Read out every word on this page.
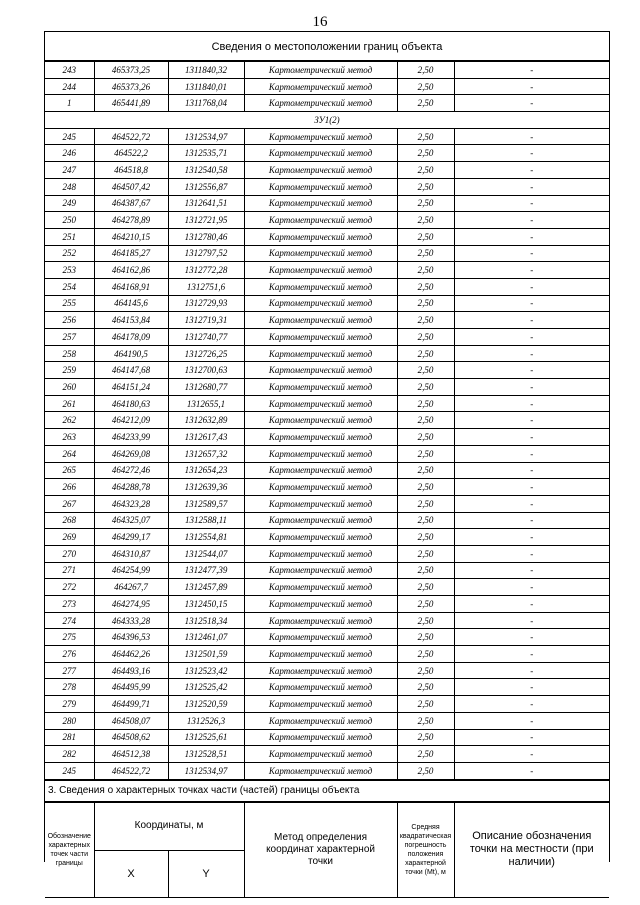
16
Сведения о местоположении границ объекта
243	465373,25	1311840,32	Картометрический метод	2,50	-
244	465373,26	1311840,01	Картометрический метод	2,50	-
1	465441,89	1311768,04	Картометрический метод	2,50	-
ЗУ1(2)					
245	464522,72	1312534,97	Картометрический метод	2,50	-
246	464522,2	1312535,71	Картометрический метод	2,50	-
247	464518,8	1312540,58	Картометрический метод	2,50	-
248	464507,42	1312556,87	Картометрический метод	2,50	-
249	464387,67	1312641,51	Картометрический метод	2,50	-
250	464278,89	1312721,95	Картометрический метод	2,50	-
251	464210,15	1312780,46	Картометрический метод	2,50	-
252	464185,27	1312797,52	Картометрический метод	2,50	-
253	464162,86	1312772,28	Картометрический метод	2,50	-
254	464168,91	1312751,6	Картометрический метод	2,50	-
255	464145,6	1312729,93	Картометрический метод	2,50	-
256	464153,84	1312719,31	Картометрический метод	2,50	-
257	464178,09	1312740,77	Картометрический метод	2,50	-
258	464190,5	1312726,25	Картометрический метод	2,50	-
259	464147,68	1312700,63	Картометрический метод	2,50	-
260	464151,24	1312680,77	Картометрический метод	2,50	-
261	464180,63	1312655,1	Картометрический метод	2,50	-
262	464212,09	1312632,89	Картометрический метод	2,50	-
263	464233,99	1312617,43	Картометрический метод	2,50	-
264	464269,08	1312657,32	Картометрический метод	2,50	-
265	464272,46	1312654,23	Картометрический метод	2,50	-
266	464288,78	1312639,36	Картометрический метод	2,50	-
267	464323,28	1312589,57	Картометрический метод	2,50	-
268	464325,07	1312588,11	Картометрический метод	2,50	-
269	464299,17	1312554,81	Картометрический метод	2,50	-
270	464310,87	1312544,07	Картометрический метод	2,50	-
271	464254,99	1312477,39	Картометрический метод	2,50	-
272	464267,7	1312457,89	Картометрический метод	2,50	-
273	464274,95	1312450,15	Картометрический метод	2,50	-
274	464333,28	1312518,34	Картометрический метод	2,50	-
275	464396,53	1312461,07	Картометрический метод	2,50	-
276	464462,26	1312501,59	Картометрический метод	2,50	-
277	464493,16	1312523,42	Картометрический метод	2,50	-
278	464495,99	1312525,42	Картометрический метод	2,50	-
279	464499,71	1312520,59	Картометрический метод	2,50	-
280	464508,07	1312526,3	Картометрический метод	2,50	-
281	464508,62	1312525,61	Картометрический метод	2,50	-
282	464512,38	1312528,51	Картометрический метод	2,50	-
245	464522,72	1312534,97	Картометрический метод	2,50	-
3. Сведения о характерных точках части (частей) границы объекта
Обозначение характерных точек части границы	Координаты, м		Метод определения координат характерной точки	Средняя квадратическая погрешность положения характерной точки (Mt), м	Описание обозначения точки на местности (при наличии)
	X	Y			
